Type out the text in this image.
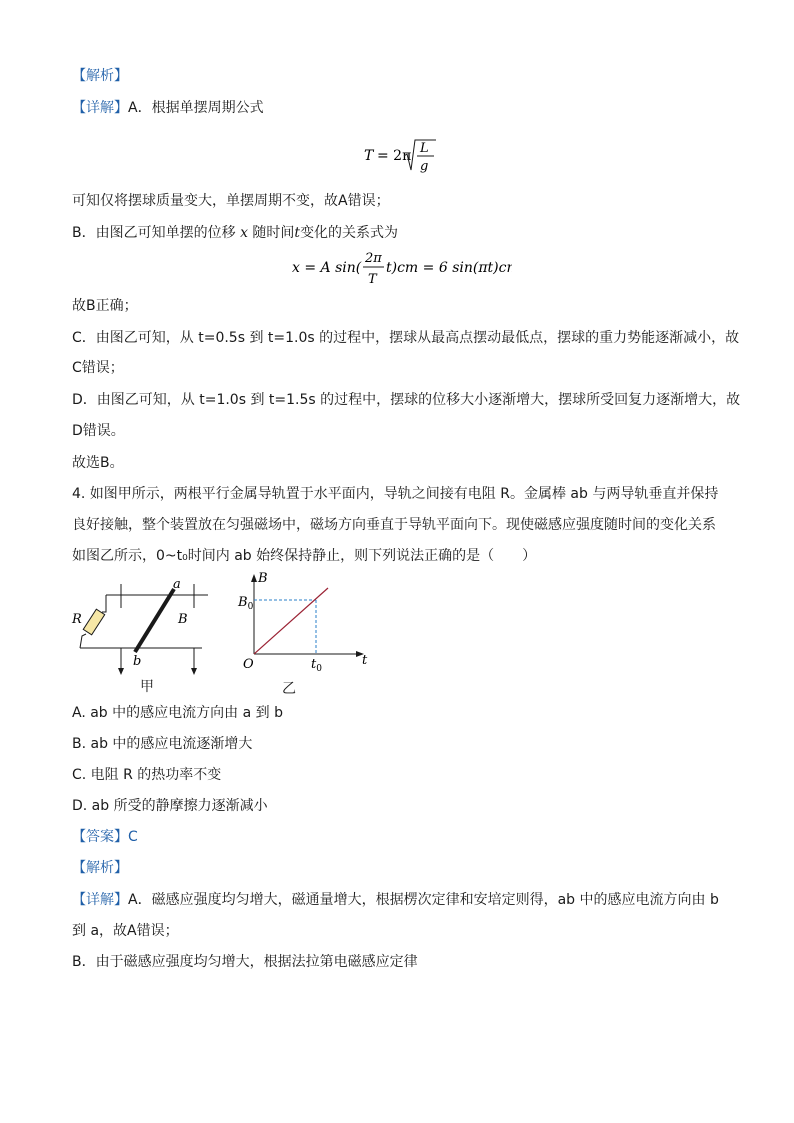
【解析】
【详解】A．根据单摆周期公式
T = 2π L
g
可知仅将摆球质量变大，单摆周期不变，故A错误；
B．由图乙可知单摆的位移 x 随时间t变化的关系式为
x = A sin(
2π
T
t)cm = 6 sin(πt)cm
故B正确；
C．由图乙可知，从 t=0.5s 到 t=1.0s 的过程中，摆球从最高点摆动最低点，摆球的重力势能逐渐减小，故
C错误；
D．由图乙可知，从 t=1.0s 到 t=1.5s 的过程中，摆球的位移大小逐渐增大，摆球所受回复力逐渐增大，故
D错误。
故选B。
4. 如图甲所示，两根平行金属导轨置于水平面内，导轨之间接有电阻 R。金属棒 ab 与两导轨垂直并保持
良好接触，整个装置放在匀强磁场中，磁场方向垂直于导轨平面向下。现使磁感应强度随时间的变化关系
如图乙所示，0~t₀时间内 ab 始终保持静止，则下列说法正确的是（　　）
R
a
B
b
甲
B
t
O
$B_0$
$t_0$
乙
A. ab 中的感应电流方向由 a 到 b
B. ab 中的感应电流逐渐增大
C. 电阻 R 的热功率不变
D. ab 所受的静摩擦力逐渐减小
【答案】C
【解析】
【详解】A．磁感应强度均匀增大，磁通量增大，根据楞次定律和安培定则得，ab 中的感应电流方向由 b
到 a，故A错误；
B．由于磁感应强度均匀增大，根据法拉第电磁感应定律
